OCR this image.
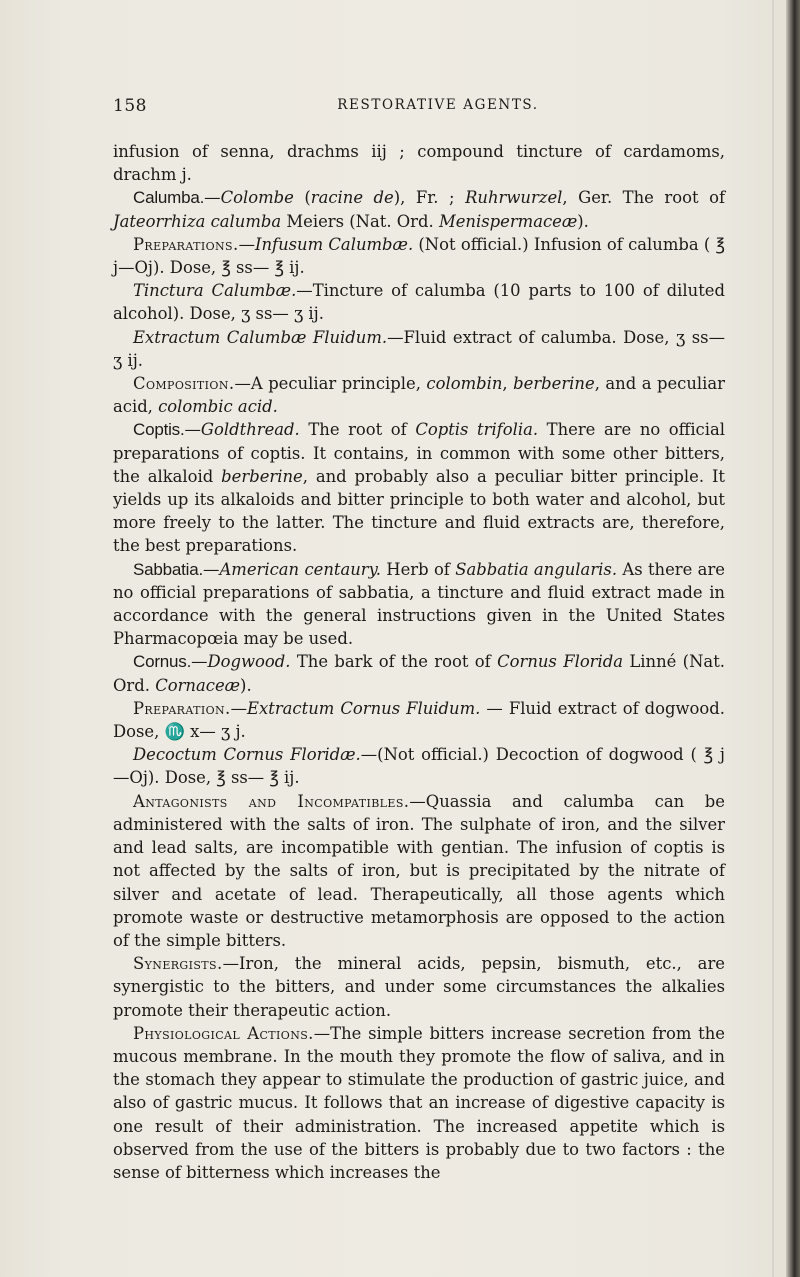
158	RESTORATIVE AGENTS.

infusion of senna, drachms iij ; compound tincture of cardamoms, drachm j.

Calumba.—Colombe (racine de), Fr. ; Ruhrwurzel, Ger. The root of Jateorrhiza calumba Meiers (Nat. Ord. Menispermaceæ).

Preparations.—Infusum Calumbæ. (Not official.) Infusion of calumba ( ℥ j—Oj). Dose, ℥ ss— ℥ ij.

Tinctura Calumbæ.—Tincture of calumba (10 parts to 100 of diluted alcohol). Dose, ʒ ss— ʒ ij.

Extractum Calumbæ Fluidum.—Fluid extract of calumba. Dose, ʒ ss— ʒ ij.

Composition.—A peculiar principle, colombin, berberine, and a peculiar acid, colombic acid.

Coptis.—Goldthread. The root of Coptis trifolia. There are no official preparations of coptis. It contains, in common with some other bitters, the alkaloid berberine, and probably also a peculiar bitter principle. It yields up its alkaloids and bitter principle to both water and alcohol, but more freely to the latter. The tincture and fluid extracts are, therefore, the best preparations.

Sabbatia.—American centaury. Herb of Sabbatia angularis. As there are no official preparations of sabbatia, a tincture and fluid extract made in accordance with the general instructions given in the United States Pharmacopœia may be used.

Cornus.—Dogwood. The bark of the root of Cornus Florida Linné (Nat. Ord. Cornaceæ).

Preparation.—Extractum Cornus Fluidum. — Fluid extract of dogwood. Dose, ♏ x— ʒ j.

Decoctum Cornus Floridæ.—(Not official.) Decoction of dogwood ( ℥ j—Oj). Dose, ℥ ss— ℥ ij.

Antagonists and Incompatibles.—Quassia and calumba can be administered with the salts of iron. The sulphate of iron, and the silver and lead salts, are incompatible with gentian. The infusion of coptis is not affected by the salts of iron, but is precipitated by the nitrate of silver and acetate of lead. Therapeutically, all those agents which promote waste or destructive metamorphosis are opposed to the action of the simple bitters.

Synergists.—Iron, the mineral acids, pepsin, bismuth, etc., are synergistic to the bitters, and under some circumstances the alkalies promote their therapeutic action.

Physiological Actions.—The simple bitters increase secretion from the mucous membrane. In the mouth they promote the flow of saliva, and in the stomach they appear to stimulate the production of gastric juice, and also of gastric mucus. It follows that an increase of digestive capacity is one result of their administration. The increased appetite which is observed from the use of the bitters is probably due to two factors : the sense of bitterness which increases the
